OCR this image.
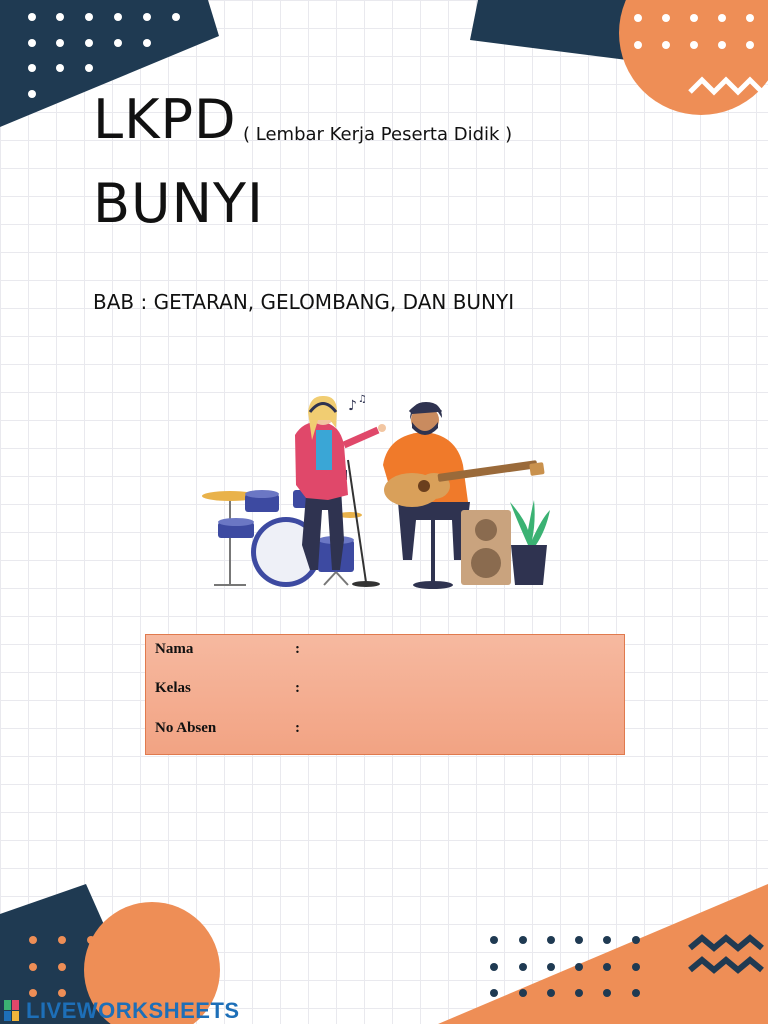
LKPD ( Lembar Kerja Peserta Didik )
BUNYI
BAB : GETARAN, GELOMBANG, DAN BUNYI
♪ ♫
Nama	:
Kelas	:
No Absen	:
LIVEWORKSHEETS
